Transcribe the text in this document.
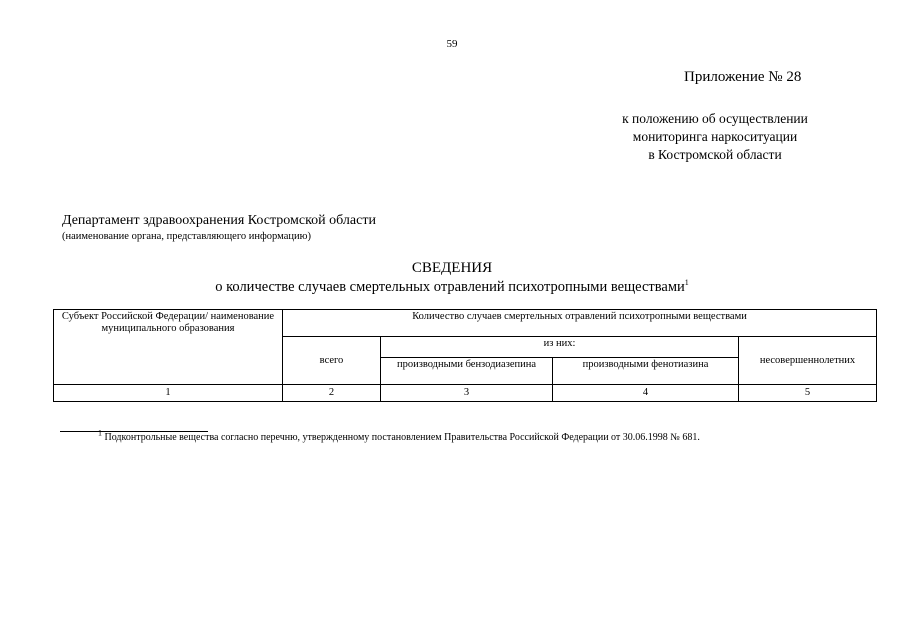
59
Приложение № 28
к положению об осуществлении
мониторинга наркоситуации
в Костромской области
Департамент здравоохранения Костромской области
(наименование органа, представляющего информацию)
СВЕДЕНИЯ
о количестве случаев смертельных отравлений психотропными веществами$^1$
Субъект Российской Федерации/ наименование муниципального образования	Количество случаев смертельных отравлений психотропными веществами			
	всего	из них:		несовершеннолетних
		производными бензодиазепина	производными фенотиазина	
1	2	3	4	5
$^1$ Подконтрольные вещества согласно перечню, утвержденному постановлением Правительства Российской Федерации от 30.06.1998 № 681.
